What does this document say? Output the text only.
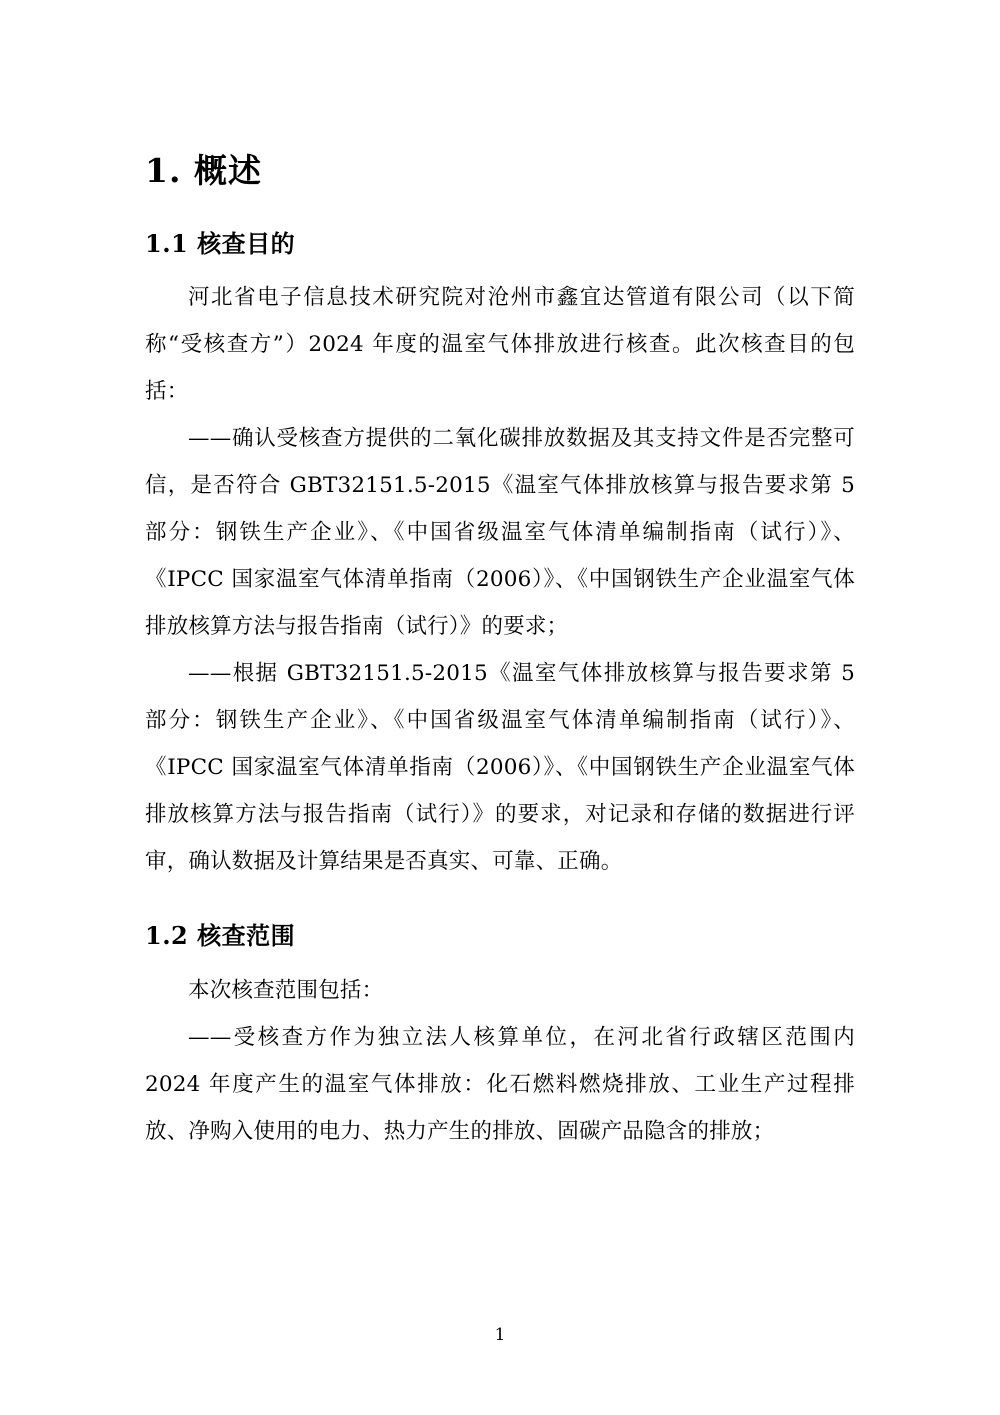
1. 概述
1.1 核查目的

河北省电子信息技术研究院对沧州市鑫宜达管道有限公司（以下简称“受核查方”）2024 年度的温室气体排放进行核查。此次核查目的包括：

——确认受核查方提供的二氧化碳排放数据及其支持文件是否完整可信，是否符合 GBT32151.5-2015《温室气体排放核算与报告要求第 5 部分：钢铁生产企业》、《中国省级温室气体清单编制指南（试行）》、《IPCC 国家温室气体清单指南（2006）》、《中国钢铁生产企业温室气体排放核算方法与报告指南（试行）》的要求；

——根据 GBT32151.5-2015《温室气体排放核算与报告要求第 5 部分：钢铁生产企业》、《中国省级温室气体清单编制指南（试行）》、《IPCC 国家温室气体清单指南（2006）》、《中国钢铁生产企业温室气体排放核算方法与报告指南（试行）》的要求，对记录和存储的数据进行评审，确认数据及计算结果是否真实、可靠、正确。

1.2 核查范围

本次核查范围包括：

——受核查方作为独立法人核算单位，在河北省行政辖区范围内 2024 年度产生的温室气体排放：化石燃料燃烧排放、工业生产过程排放、净购入使用的电力、热力产生的排放、固碳产品隐含的排放；

1
